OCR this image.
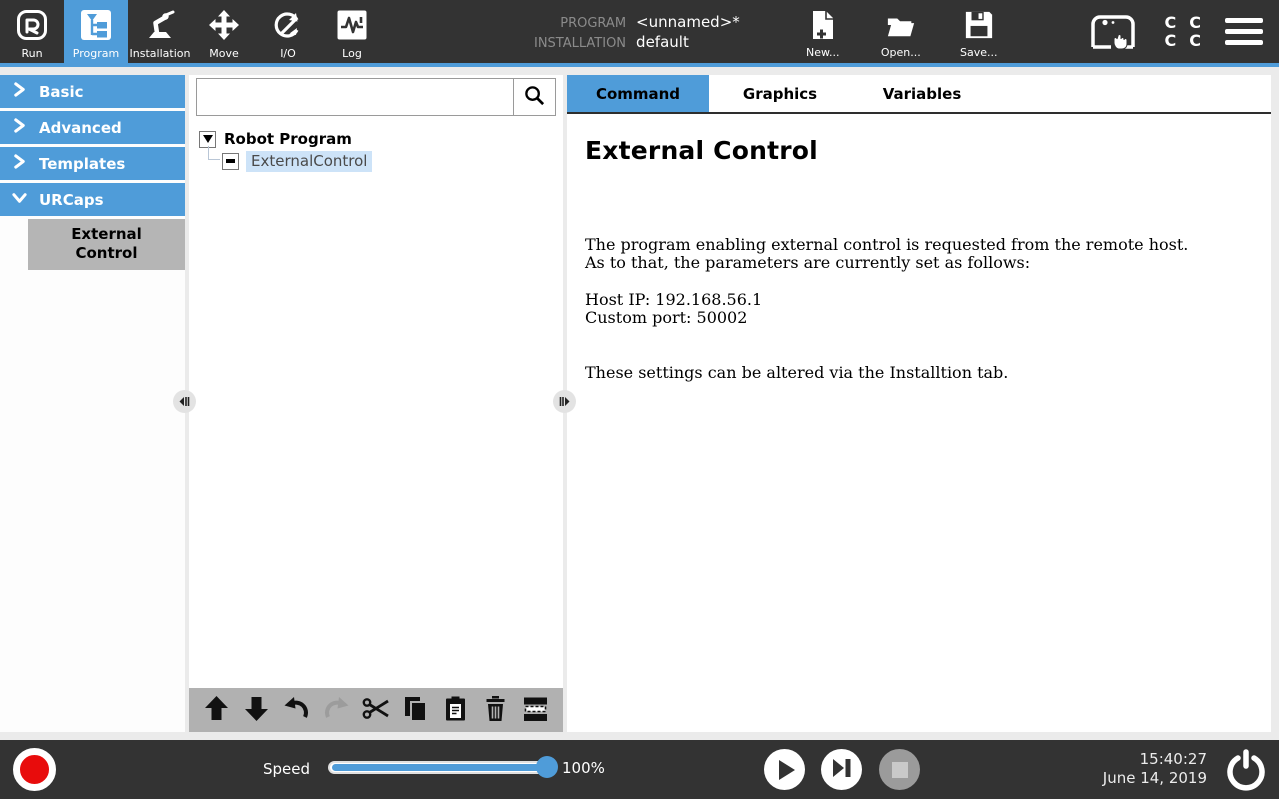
Run	Program Installation Move	I/O	Log
PROGRAM <unnamed>*
INSTALLATION default
New...	Open...	Save...
C C
C C
Basic
Advanced
Templates
URCaps
External Control
Robot Program
ExternalControl
Command	Graphics	Variables
External Control
The program enabling external control is requested from the remote host.
As to that, the parameters are currently set as follows:
Host IP: 192.168.56.1
Custom port: 50002
These settings can be altered via the Installtion tab.
Speed	100%	15:40:27
June 14, 2019
